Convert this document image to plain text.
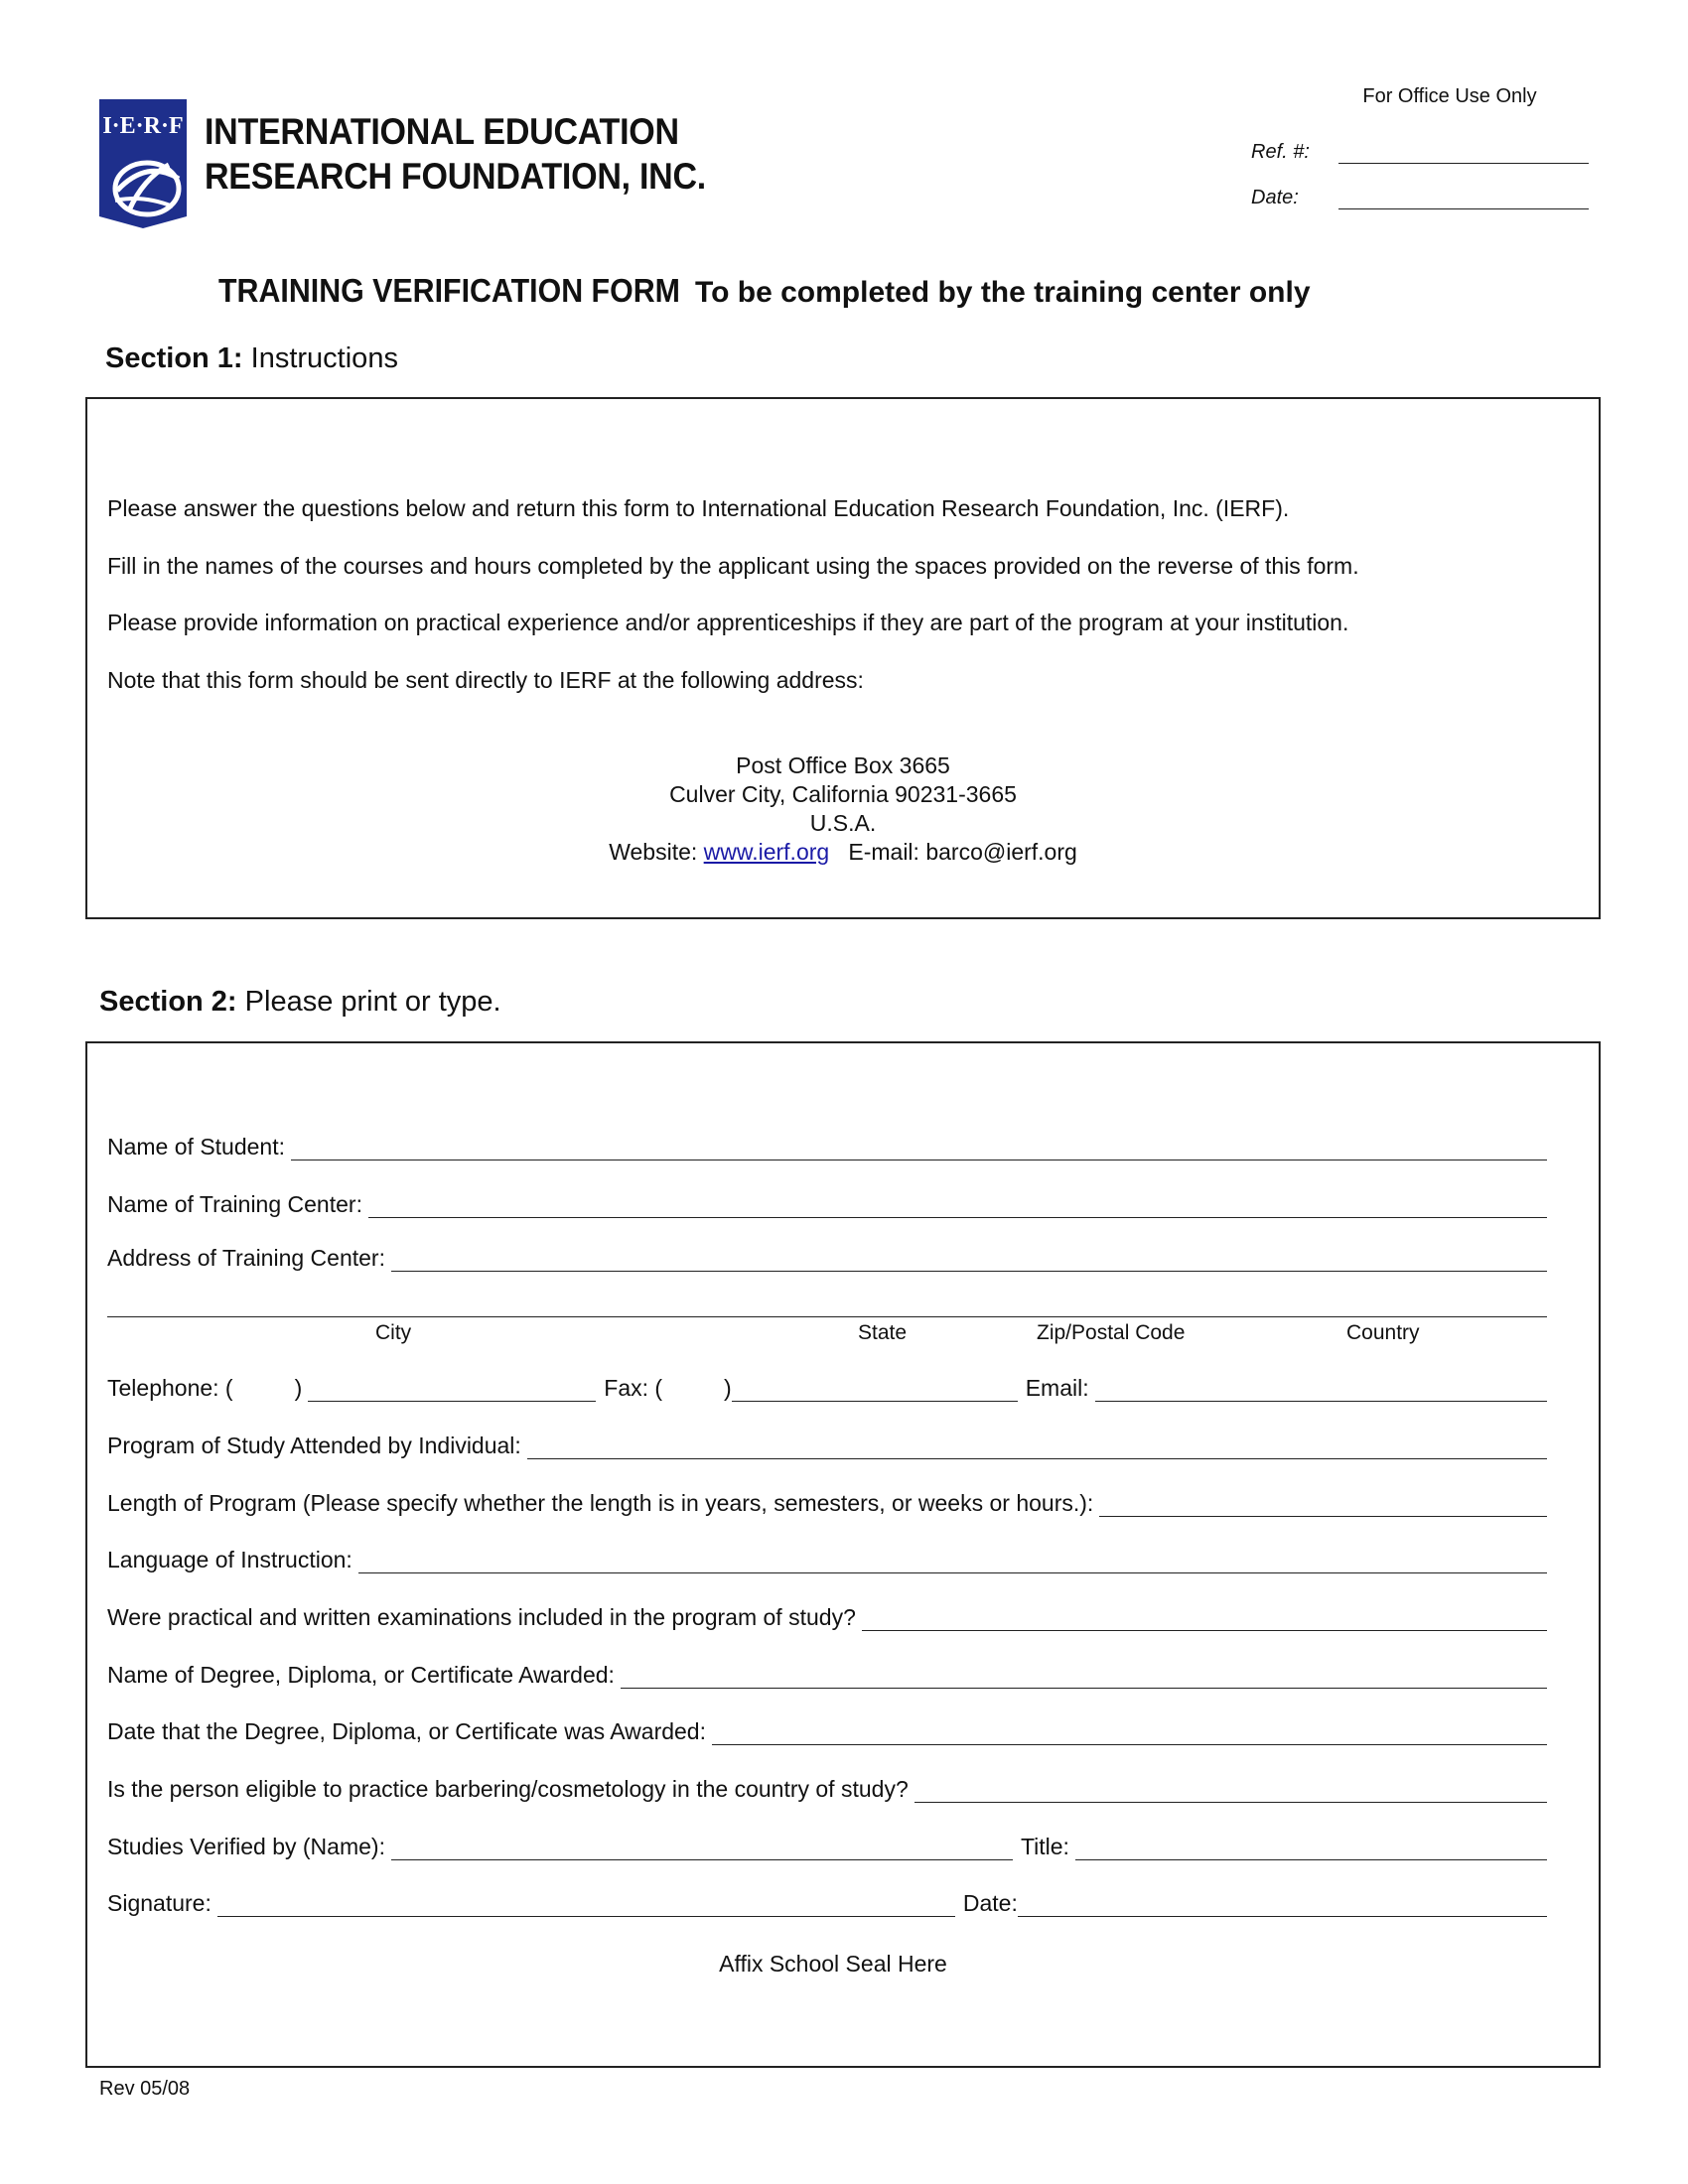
I·E·R·F INTERNATIONAL EDUCATION
RESEARCH FOUNDATION, INC.
For Office Use Only
Ref. #:
Date:
TRAINING VERIFICATION FORM To be completed by the training center only
Section 1: Instructions

Please answer the questions below and return this form to International Education Research Foundation, Inc. (IERF).

Fill in the names of the courses and hours completed by the applicant using the spaces provided on the reverse of this form.

Please provide information on practical experience and/or apprenticeships if they are part of the program at your institution.

Note that this form should be sent directly to IERF at the following address:

Post Office Box 3665
Culver City, California 90231-3665
U.S.A.
Website: www.ierf.org E-mail: barco@ierf.org
Section 2: Please print or type.
Name of Student:
Name of Training Center:
Address of Training Center:
City	State	Zip/Postal Code	Country
Telephone: (	)	Fax: (	)	Email:
Program of Study Attended by Individual:
Length of Program (Please specify whether the length is in years, semesters, or weeks or hours.):
Language of Instruction:
Were practical and written examinations included in the program of study?
Name of Degree, Diploma, or Certificate Awarded:
Date that the Degree, Diploma, or Certificate was Awarded:
Is the person eligible to practice barbering/cosmetology in the country of study?
Studies Verified by (Name):	Title:
Signature:	Date:
Affix School Seal Here
Rev 05/08
